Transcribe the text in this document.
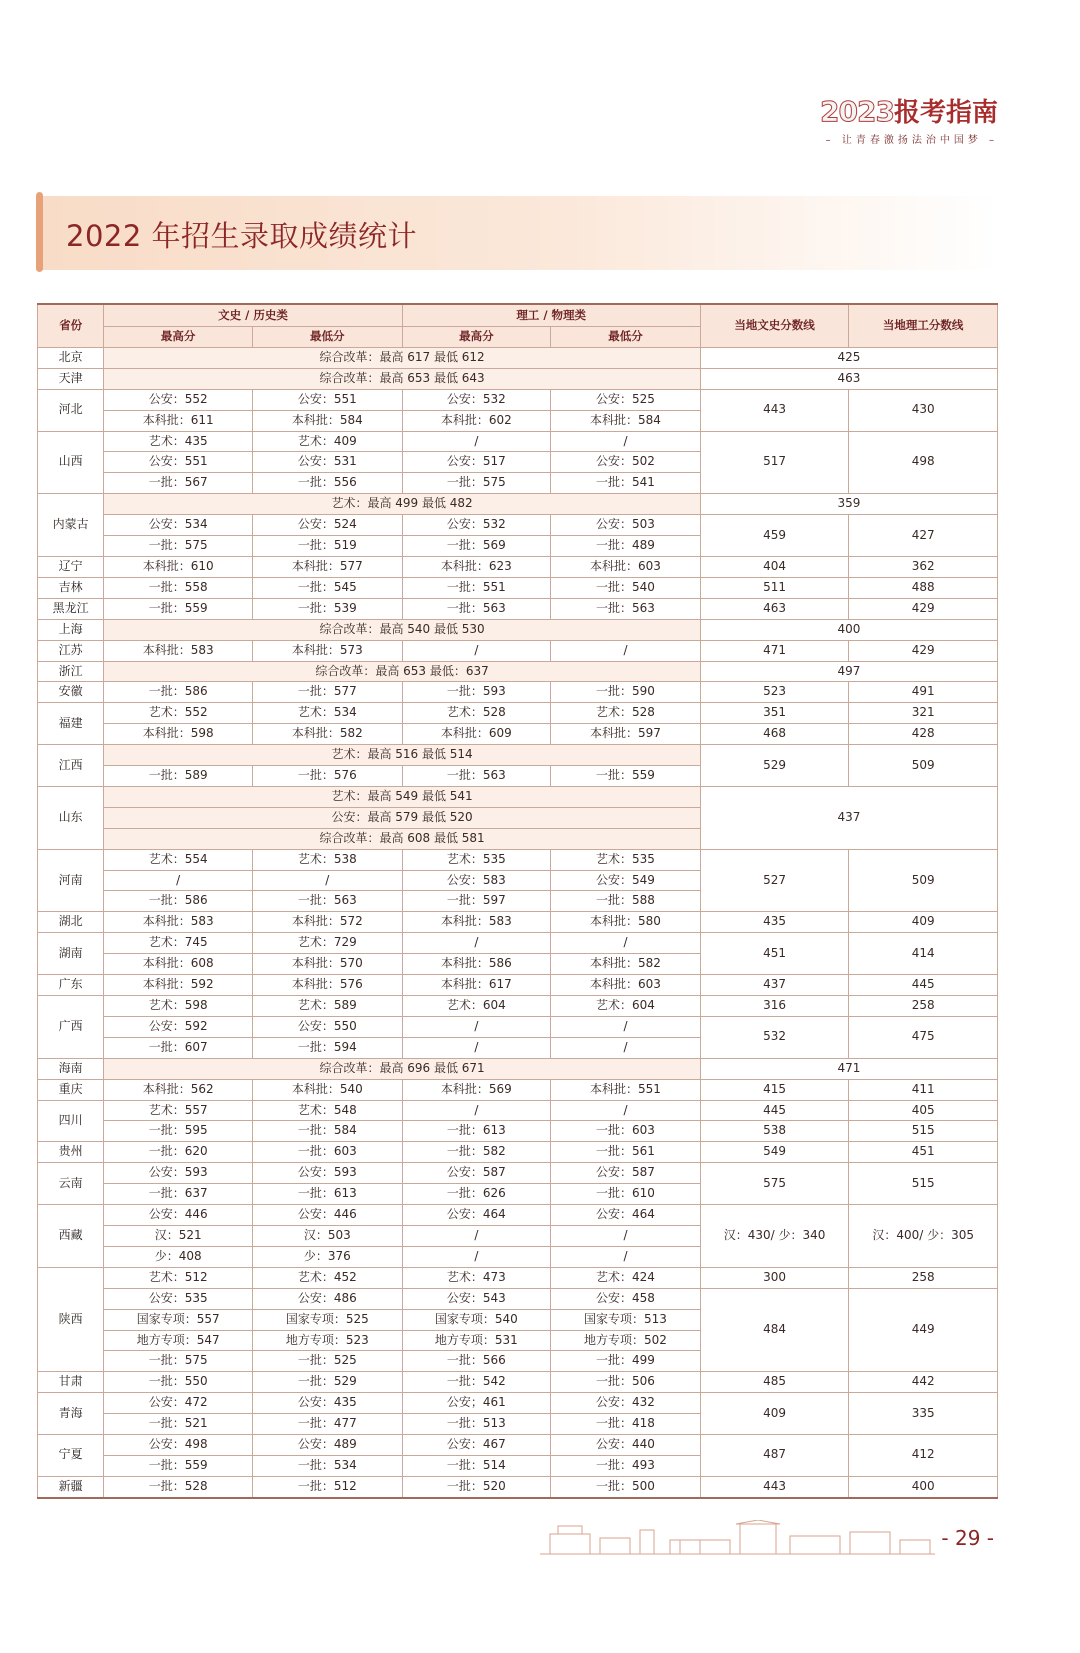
2023报考指南
– 让青春激扬法治中国梦 –
2022 年招生录取成绩统计
省份	文史 / 历史类		理工 / 物理类		当地文史分数线	当地理工分数线
	最高分	最低分	最高分	最低分		
北京	综合改革：最高 617 最低 612				425	
天津	综合改革：最高 653 最低 643				463	
河北	公安：552	公安：551	公安：532	公安：525	443	430
	本科批：611	本科批：584	本科批：602	本科批：584		
山西	艺术：435	艺术：409	/	/	517	498
	公安：551	公安：531	公安：517	公安：502		
	一批：567	一批：556	一批：575	一批：541		
内蒙古	艺术：最高 499 最低 482				359	
	公安：534	公安：524	公安：532	公安：503	459	427
	一批：575	一批：519	一批：569	一批：489		
辽宁	本科批：610	本科批：577	本科批：623	本科批：603	404	362
吉林	一批：558	一批：545	一批：551	一批：540	511	488
黑龙江	一批：559	一批：539	一批：563	一批：563	463	429
上海	综合改革：最高 540 最低 530				400	
江苏	本科批：583	本科批：573	/	/	471	429
浙江	综合改革：最高 653 最低：637				497	
安徽	一批：586	一批：577	一批：593	一批：590	523	491
福建	艺术：552	艺术：534	艺术：528	艺术：528	351	321
	本科批：598	本科批：582	本科批：609	本科批：597	468	428
江西	艺术：最高 516 最低 514				529	509
	一批：589	一批：576	一批：563	一批：559		
山东	艺术：最高 549 最低 541				437	
	公安：最高 579 最低 520					
	综合改革：最高 608 最低 581					
河南	艺术：554	艺术：538	艺术：535	艺术：535	527	509
	/	/	公安：583	公安：549		
	一批：586	一批：563	一批：597	一批：588		
湖北	本科批：583	本科批：572	本科批：583	本科批：580	435	409
湖南	艺术：745	艺术：729	/	/	451	414
	本科批：608	本科批：570	本科批：586	本科批：582		
广东	本科批：592	本科批：576	本科批：617	本科批：603	437	445
广西	艺术：598	艺术：589	艺术：604	艺术：604	316	258
	公安：592	公安：550	/	/	532	475
	一批：607	一批：594	/	/		
海南	综合改革：最高 696 最低 671				471	
重庆	本科批：562	本科批：540	本科批：569	本科批：551	415	411
四川	艺术：557	艺术：548	/	/	445	405
	一批：595	一批：584	一批：613	一批：603	538	515
贵州	一批：620	一批：603	一批：582	一批：561	549	451
云南	公安：593	公安：593	公安：587	公安：587	575	515
	一批：637	一批：613	一批：626	一批：610		
西藏	公安：446	公安：446	公安：464	公安：464	汉：430/ 少：340	汉：400/ 少：305
	汉：521	汉：503	/	/		
	少：408	少：376	/	/		
陕西	艺术：512	艺术：452	艺术：473	艺术：424	300	258
	公安：535	公安：486	公安：543	公安：458	484	449
	国家专项：557	国家专项：525	国家专项：540	国家专项：513		
	地方专项：547	地方专项：523	地方专项：531	地方专项：502		
	一批：575	一批：525	一批：566	一批：499		
甘肃	一批：550	一批：529	一批：542	一批：506	485	442
青海	公安：472	公安：435	公安；461	公安：432	409	335
	一批：521	一批：477	一批：513	一批：418		
宁夏	公安：498	公安：489	公安：467	公安：440	487	412
	一批：559	一批：534	一批：514	一批：493		
新疆	一批：528	一批：512	一批：520	一批：500	443	400
- 29 -
